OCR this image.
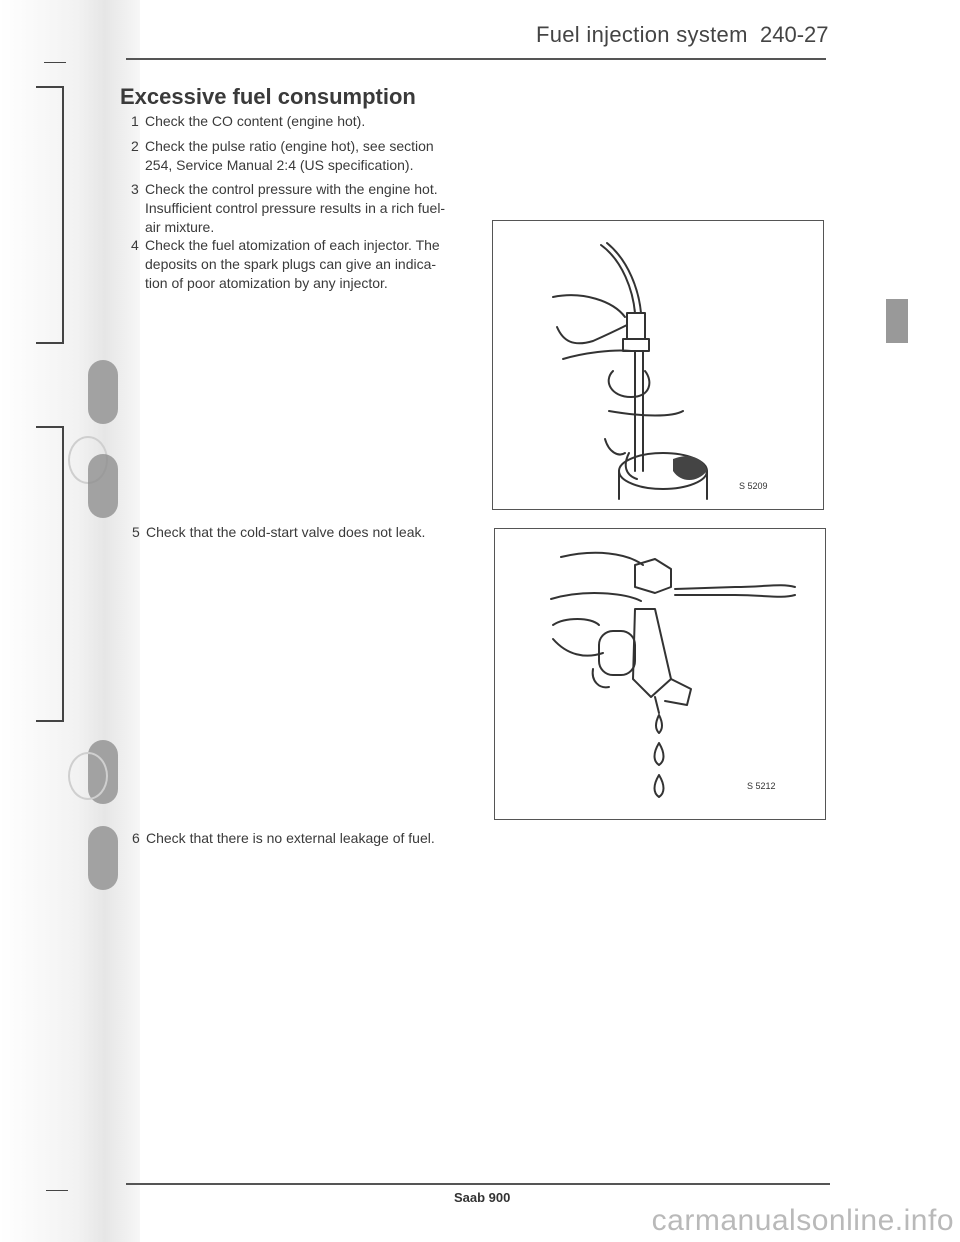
Fuel injection system 240-27
Excessive fuel consumption
1 Check the CO content (engine hot).
2 Check the pulse ratio (engine hot), see section
254, Service Manual 2:4 (US specification).
3 Check the control pressure with the engine hot.
Insufficient control pressure results in a rich fuel-
air mixture.
4 Check the fuel atomization of each injector. The
deposits on the spark plugs can give an indica-
tion of poor atomization by any injector.
5 Check that the cold-start valve does not leak.
6 Check that there is no external leakage of fuel.
S 5209
S 5212
Saab 900
carmanualsonline.info
